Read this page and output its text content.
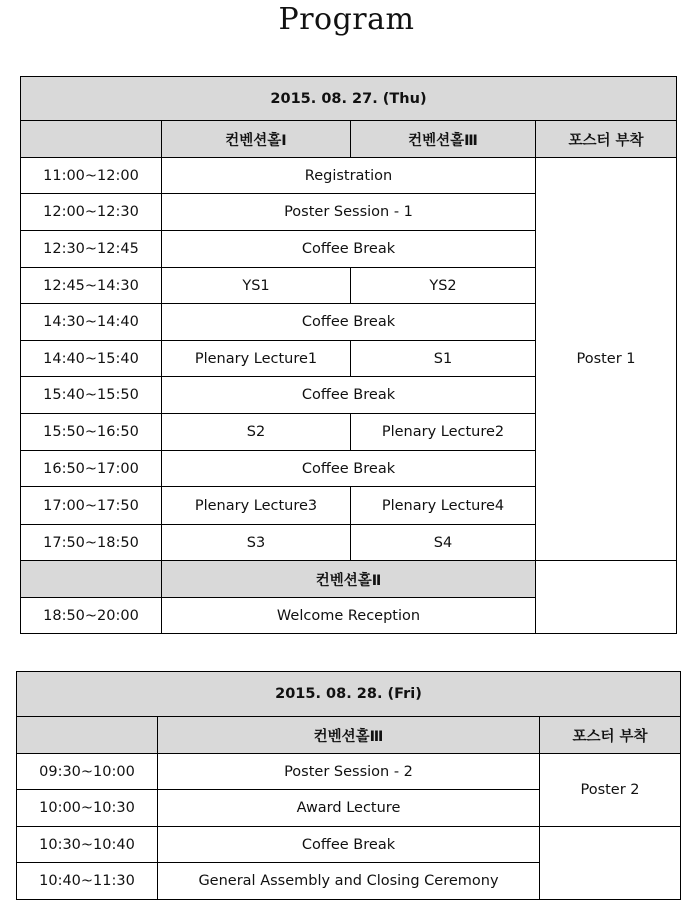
Program
2015. 08. 27. (Thu)			
	컨벤션홀Ⅰ	컨벤션홀Ⅲ	포스터 부착
11:00~12:00	Registration		Poster 1
12:00~12:30	Poster Session - 1		
12:30~12:45	Coffee Break		
12:45~14:30	YS1	YS2	
14:30~14:40	Coffee Break		
14:40~15:40	Plenary Lecture1	S1	
15:40~15:50	Coffee Break		
15:50~16:50	S2	Plenary Lecture2	
16:50~17:00	Coffee Break		
17:00~17:50	Plenary Lecture3	Plenary Lecture4	
17:50~18:50	S3	S4	
	컨벤션홀Ⅱ		
18:50~20:00	Welcome Reception		
2015. 08. 28. (Fri)		
	컨벤션홀Ⅲ	포스터 부착
09:30~10:00	Poster Session - 2	Poster 2
10:00~10:30	Award Lecture	
10:30~10:40	Coffee Break	
10:40~11:30	General Assembly and Closing Ceremony	
